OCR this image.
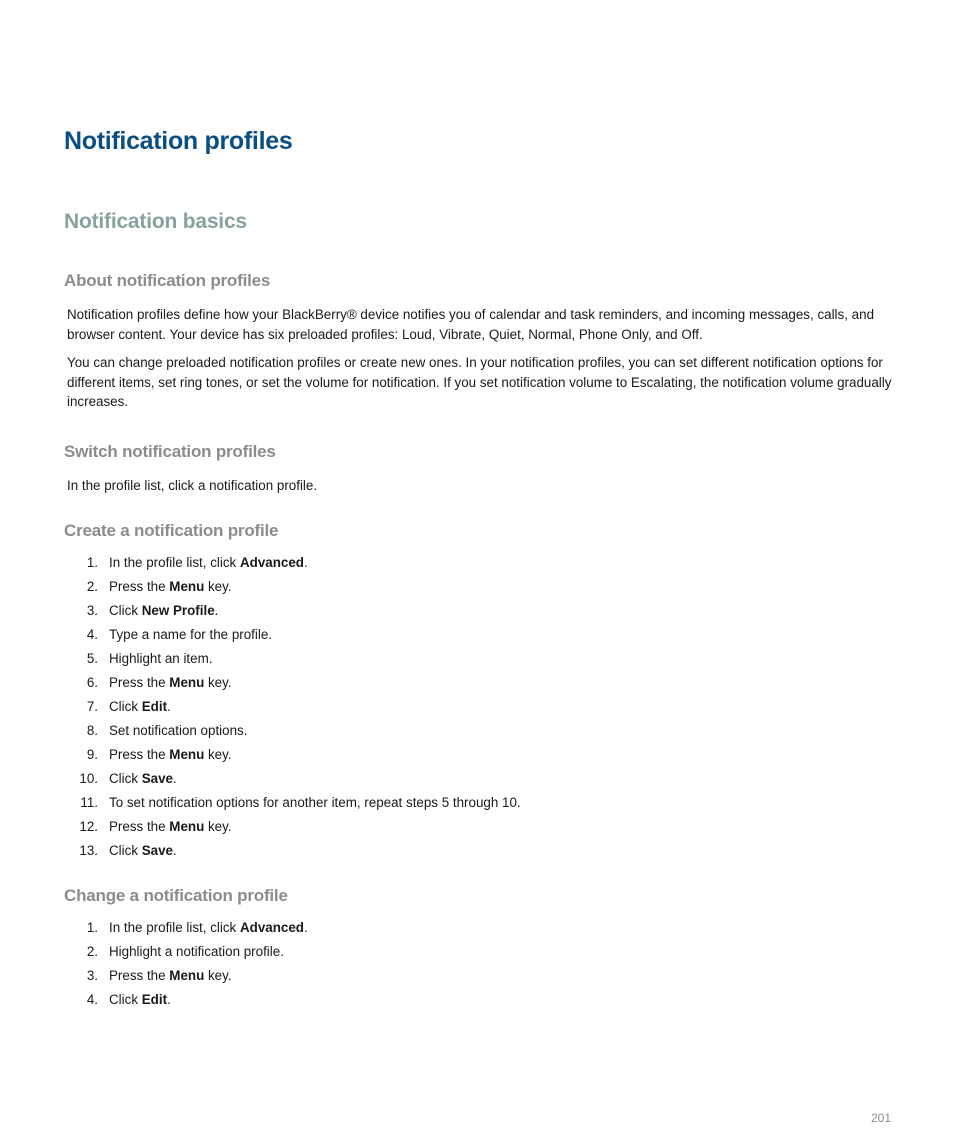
Notification profiles
Notification basics
About notification profiles

Notification profiles define how your BlackBerry® device notifies you of calendar and task reminders, and incoming messages, calls, and browser content. Your device has six preloaded profiles: Loud, Vibrate, Quiet, Normal, Phone Only, and Off.

You can change preloaded notification profiles or create new ones. In your notification profiles, you can set different notification options for different items, set ring tones, or set the volume for notification. If you set notification volume to Escalating, the notification volume gradually increases.

Switch notification profiles

In the profile list, click a notification profile.

Create a notification profile
1. In the profile list, click Advanced.
2. Press the Menu key.
3. Click New Profile.
4. Type a name for the profile.
5. Highlight an item.
6. Press the Menu key.
7. Click Edit.
8. Set notification options.
9. Press the Menu key.
10. Click Save.
11. To set notification options for another item, repeat steps 5 through 10.
12. Press the Menu key.
13. Click Save.
Change a notification profile
1. In the profile list, click Advanced.
2. Highlight a notification profile.
3. Press the Menu key.
4. Click Edit.
201
